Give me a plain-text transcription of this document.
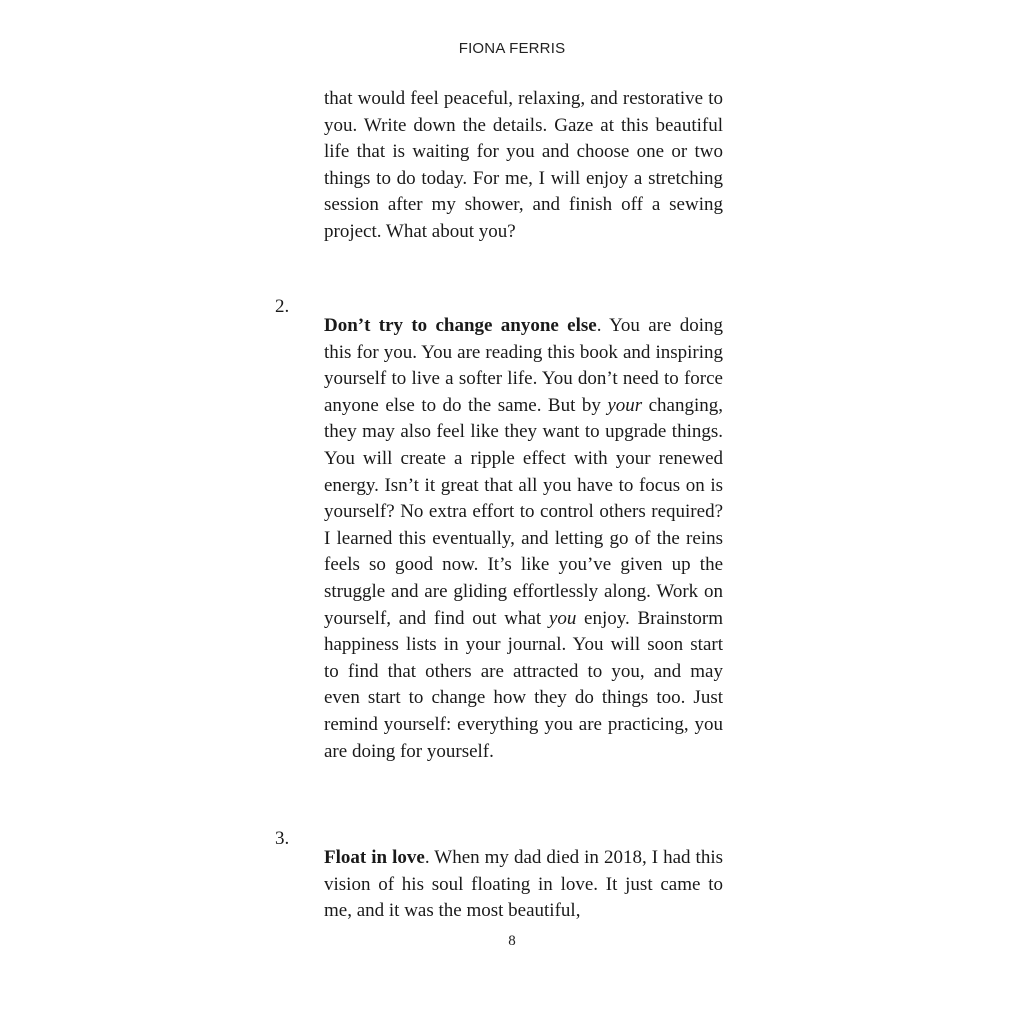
FIONA FERRIS

that would feel peaceful, relaxing, and restorative to you. Write down the details. Gaze at this beautiful life that is waiting for you and choose one or two things to do today. For me, I will enjoy a stretching session after my shower, and finish off a sewing project. What about you?

2.

Don’t try to change anyone else. You are doing this for you. You are reading this book and inspiring yourself to live a softer life. You don’t need to force anyone else to do the same. But by your changing, they may also feel like they want to upgrade things. You will create a ripple effect with your renewed energy. Isn’t it great that all you have to focus on is yourself? No extra effort to control others required? I learned this eventually, and letting go of the reins feels so good now. It’s like you’ve given up the struggle and are gliding effortlessly along. Work on yourself, and find out what you enjoy. Brainstorm happiness lists in your journal. You will soon start to find that others are attracted to you, and may even start to change how they do things too. Just remind yourself: everything you are practicing, you are doing for yourself.

3.

Float in love. When my dad died in 2018, I had this vision of his soul floating in love. It just came to me, and it was the most beautiful,

8
